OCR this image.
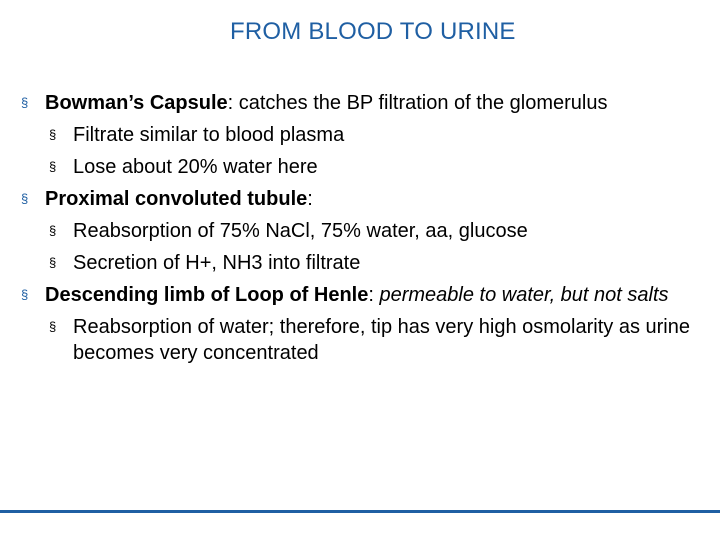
FROM BLOOD TO URINE
§ Bowman’s Capsule: catches the BP filtration of the glomerulus
§ Filtrate similar to blood plasma
§ Lose about 20% water here
§ Proximal convoluted tubule:
§ Reabsorption of 75% NaCl, 75% water, aa, glucose
§ Secretion of H+, NH3 into filtrate
§ Descending limb of Loop of Henle: permeable to water, but not salts
§ Reabsorption of water; therefore, tip has very high osmolarity as urine becomes very concentrated
